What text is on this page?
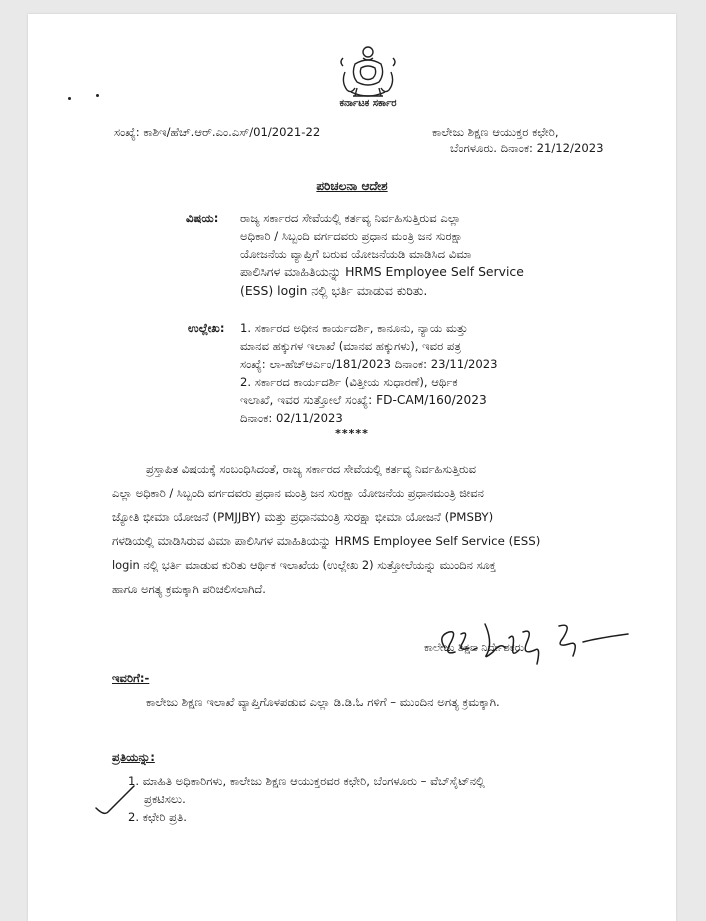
ಕರ್ನಾಟಕ ಸರ್ಕಾರ
ಸಂಖ್ಯೆ: ಕಾಶಿಇ/ಹೆಚ್.ಆರ್.ಎಂ.ಎಸ್/01/2021-22	ಕಾಲೇಜು ಶಿಕ್ಷಣ ಆಯುಕ್ತರ ಕಛೇರಿ,
ಬೆಂಗಳೂರು. ದಿನಾಂಕ: 21/12/2023
ಪರಿಚಲನಾ ಆದೇಶ
ವಿಷಯ: ರಾಜ್ಯ ಸರ್ಕಾರದ ಸೇವೆಯಲ್ಲಿ ಕರ್ತವ್ಯ ನಿರ್ವಹಿಸುತ್ತಿರುವ ಎಲ್ಲಾ
ಅಧಿಕಾರಿ / ಸಿಬ್ಬಂದಿ ವರ್ಗದವರು ಪ್ರಧಾನ ಮಂತ್ರಿ ಜನ ಸುರಕ್ಷಾ
ಯೋಜನೆಯ ವ್ಯಾಪ್ತಿಗೆ ಬರುವ ಯೋಜನೆಯಡಿ ಮಾಡಿಸಿದ ವಿಮಾ
ಪಾಲಿಸಿಗಳ ಮಾಹಿತಿಯನ್ನು HRMS Employee Self Service
(ESS) login ನಲ್ಲಿ ಭರ್ತಿ ಮಾಡುವ ಕುರಿತು.
ಉಲ್ಲೇಖ: 1. ಸರ್ಕಾರದ ಅಧೀನ ಕಾರ್ಯದರ್ಶಿ, ಕಾನೂನು, ನ್ಯಾಯ ಮತ್ತು
ಮಾನವ ಹಕ್ಕುಗಳ ಇಲಾಖೆ (ಮಾನವ ಹಕ್ಕುಗಳು), ಇವರ ಪತ್ರ
ಸಂಖ್ಯೆ: ಲಾ-ಹೆಚ್ಆರ್ಎಂ/181/2023 ದಿನಾಂಕ: 23/11/2023
2. ಸರ್ಕಾರದ ಕಾರ್ಯದರ್ಶಿ (ವಿತ್ತೀಯ ಸುಧಾರಣೆ), ಆರ್ಥಿಕ
ಇಲಾಖೆ, ಇವರ ಸುತ್ತೋಲೆ ಸಂಖ್ಯೆ: FD-CAM/160/2023
ದಿನಾಂಕ: 02/11/2023
*****
ಪ್ರಸ್ತಾಪಿತ ವಿಷಯಕ್ಕೆ ಸಂಬಂಧಿಸಿದಂತೆ, ರಾಜ್ಯ ಸರ್ಕಾರದ ಸೇವೆಯಲ್ಲಿ ಕರ್ತವ್ಯ ನಿರ್ವಹಿಸುತ್ತಿರುವ
ಎಲ್ಲಾ ಅಧಿಕಾರಿ / ಸಿಬ್ಬಂದಿ ವರ್ಗದವರು ಪ್ರಧಾನ ಮಂತ್ರಿ ಜನ ಸುರಕ್ಷಾ ಯೋಜನೆಯ ಪ್ರಧಾನಮಂತ್ರಿ ಜೀವನ
ಜ್ಯೋತಿ ಭೀಮಾ ಯೋಜನೆ (PMJJBY) ಮತ್ತು ಪ್ರಧಾನಮಂತ್ರಿ ಸುರಕ್ಷಾ ಭೀಮಾ ಯೋಜನೆ (PMSBY)
ಗಳಡಿಯಲ್ಲಿ ಮಾಡಿಸಿರುವ ವಿಮಾ ಪಾಲಿಸಿಗಳ ಮಾಹಿತಿಯನ್ನು HRMS Employee Self Service (ESS)
login ನಲ್ಲಿ ಭರ್ತಿ ಮಾಡುವ ಕುರಿತು ಆರ್ಥಿಕ ಇಲಾಖೆಯ (ಉಲ್ಲೇಖ 2) ಸುತ್ತೋಲೆಯನ್ನು ಮುಂದಿನ ಸೂಕ್ತ
ಹಾಗೂ ಅಗತ್ಯ ಕ್ರಮಕ್ಕಾಗಿ ಪರಿಚಲಿಸಲಾಗಿದೆ.
ಕಾಲೇಜು ಶಿಕ್ಷಣ ನಿರ್ದೇಶಕರು
ಇವರಿಗೆ:-
ಕಾಲೇಜು ಶಿಕ್ಷಣ ಇಲಾಖೆ ವ್ಯಾಪ್ತಿಗೊಳಪಡುವ ಎಲ್ಲಾ ಡಿ.ಡಿ.ಓ ಗಳಿಗೆ – ಮುಂದಿನ ಅಗತ್ಯ ಕ್ರಮಕ್ಕಾಗಿ.
ಪ್ರತಿಯನ್ನು:
1. ಮಾಹಿತಿ ಅಧಿಕಾರಿಗಳು, ಕಾಲೇಜು ಶಿಕ್ಷಣ ಆಯುಕ್ತರವರ ಕಛೇರಿ, ಬೆಂಗಳೂರು – ವೆಬ್‌ಸೈಟ್‌ನಲ್ಲಿ
ಪ್ರಕಟಿಸಲು.
2. ಕಛೇರಿ ಪ್ರತಿ.
